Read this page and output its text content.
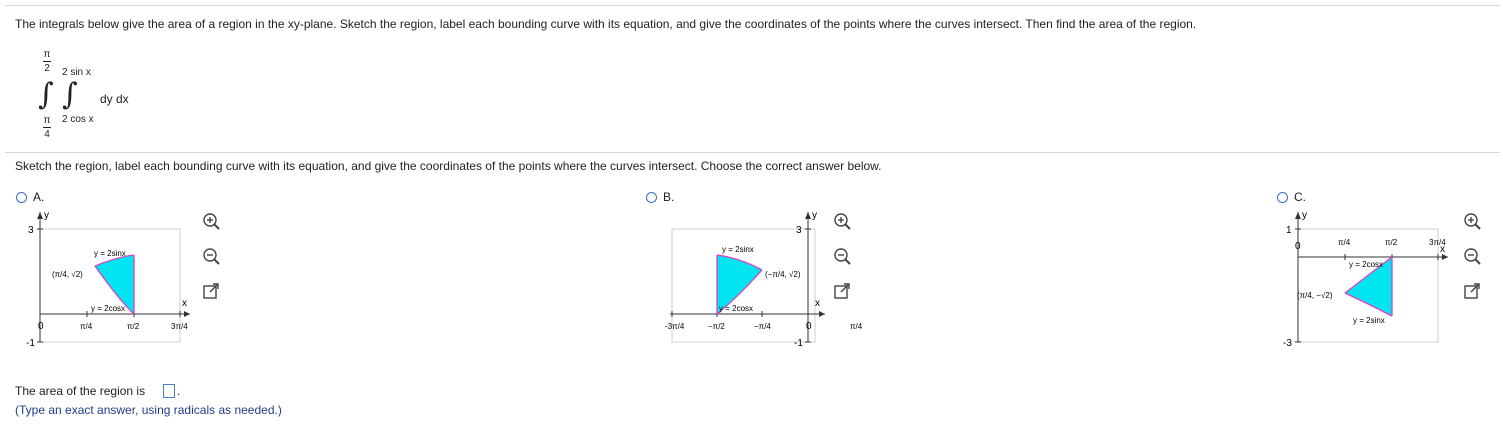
The integrals below give the area of a region in the xy-plane. Sketch the region, label each bounding curve with its equation, and give the coordinates of the points where the curves intersect. Then find the area of the region.
π
2 2 sin x
∫ ∫ dy dx
π
4
2 cos x
Sketch the region, label each bounding curve with its equation, and give the coordinates of the points where the curves intersect. Choose the correct answer below.
A.	B.	C.
y
x
3
-1
0	π/4	π/2	3π/4
y = 2sinx
y = 2cosx
(π/4, √2)
y
x
3
-1
−3π/4	−π/2	−π/4	0	π/4
y = 2sinx
y = 2cosx
(−π/4, √2)
y
x
1
-3
0	π/4	π/2	3π/4
y = 2cosx
y = 2sinx
(π/4, −√2)
The area of the region is	.
(Type an exact answer, using radicals as needed.)
